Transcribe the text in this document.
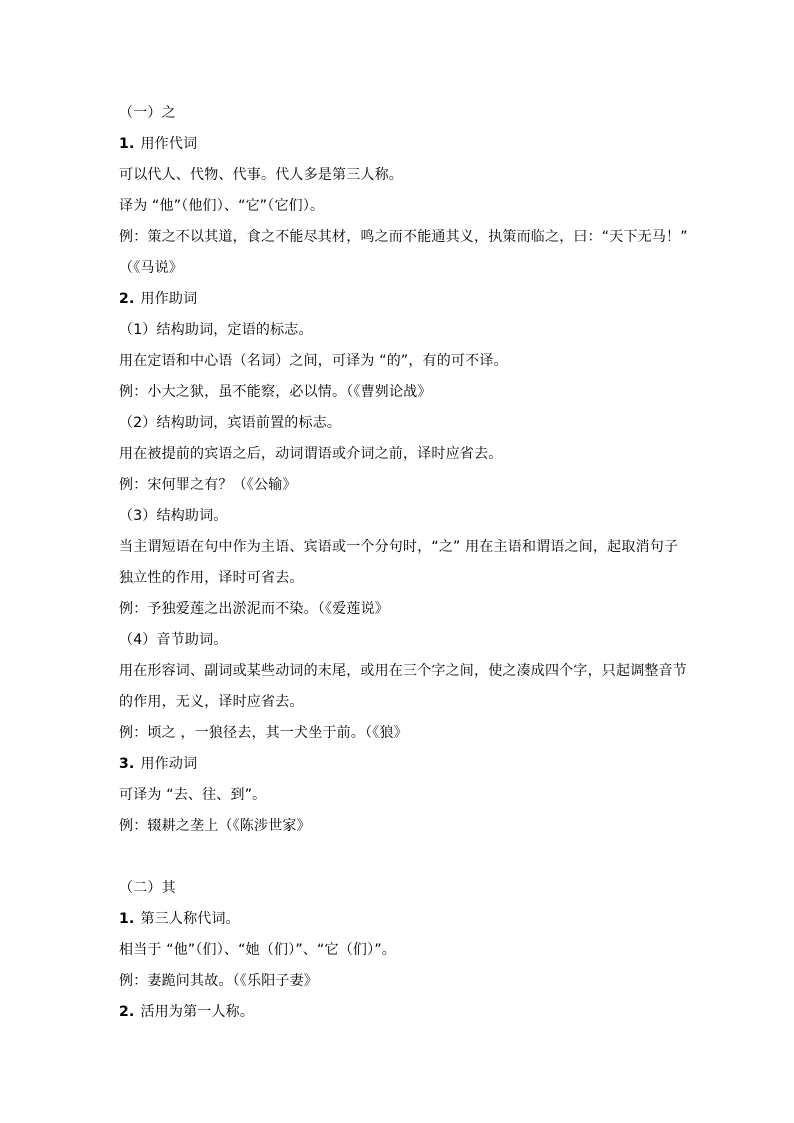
（一）之
1. 用作代词
可以代人、代物、代事。代人多是第三人称。
译为 “他”（他们）、“它”（它们）。
例：策之不以其道，食之不能尽其材，鸣之而不能通其义，执策而临之，曰：“天下无马！”
（《马说》
2. 用作助词
（1）结构助词，定语的标志。
用在定语和中心语（名词）之间，可译为 “的”，有的可不译。
例：小大之狱，虽不能察，必以情。（《曹刿论战》
（2）结构助词，宾语前置的标志。
用在被提前的宾语之后，动词谓语或介词之前，译时应省去。
例：宋何罪之有？（《公输》
（3）结构助词。
当主谓短语在句中作为主语、宾语或一个分句时，“之” 用在主语和谓语之间，起取消句子
独立性的作用，译时可省去。
例：予独爱莲之出淤泥而不染。（《爱莲说》
（4）音节助词。
用在形容词、副词或某些动词的末尾，或用在三个字之间，使之凑成四个字，只起调整音节
的作用，无义，译时应省去。
例：顷之 ，一狼径去，其一犬坐于前。（《狼》
3. 用作动词
可译为 “去、往、到”。
例：辍耕之垄上（《陈涉世家》
（二）其
1. 第三人称代词。
相当于 “他”（们）、“她（们）”、“它（们）”。
例：妻跪问其故。（《乐阳子妻》
2. 活用为第一人称。
